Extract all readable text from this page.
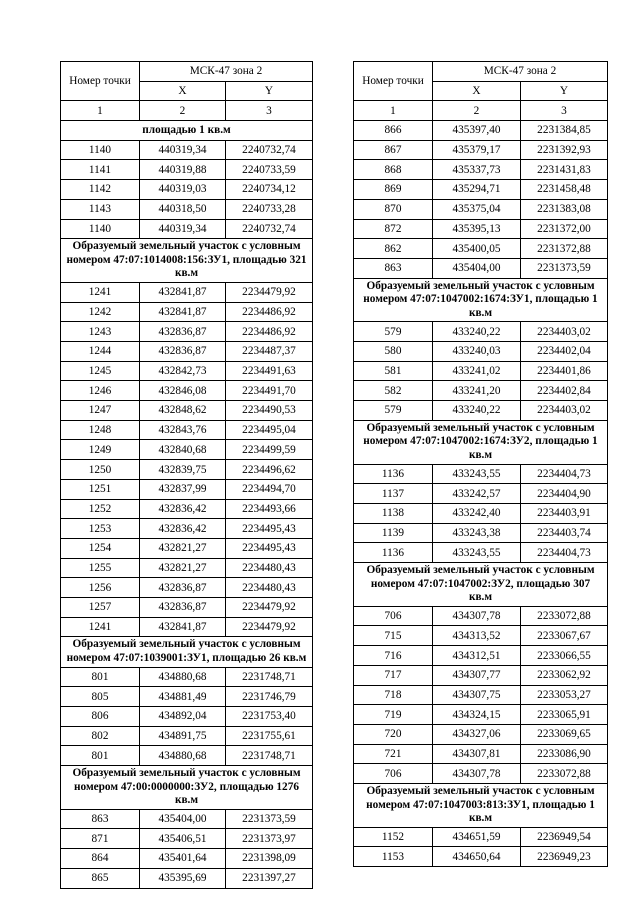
Номер точки	МСК-47 зона 2	
	X	Y
1	2	3
площадью 1 кв.м		
1140	440319,34	2240732,74
1141	440319,88	2240733,59
1142	440319,03	2240734,12
1143	440318,50	2240733,28
1140	440319,34	2240732,74
Образуемый земельный участок с условным номером 47:07:1014008:156:ЗУ1, площадью 321 кв.м		
1241	432841,87	2234479,92
1242	432841,87	2234486,92
1243	432836,87	2234486,92
1244	432836,87	2234487,37
1245	432842,73	2234491,63
1246	432846,08	2234491,70
1247	432848,62	2234490,53
1248	432843,76	2234495,04
1249	432840,68	2234499,59
1250	432839,75	2234496,62
1251	432837,99	2234494,70
1252	432836,42	2234493,66
1253	432836,42	2234495,43
1254	432821,27	2234495,43
1255	432821,27	2234480,43
1256	432836,87	2234480,43
1257	432836,87	2234479,92
1241	432841,87	2234479,92
Образуемый земельный участок с условным номером 47:07:1039001:ЗУ1, площадью 26 кв.м		
801	434880,68	2231748,71
805	434881,49	2231746,79
806	434892,04	2231753,40
802	434891,75	2231755,61
801	434880,68	2231748,71
Образуемый земельный участок с условным номером 47:00:0000000:ЗУ2, площадью 1276 кв.м		
863	435404,00	2231373,59
871	435406,51	2231373,97
864	435401,64	2231398,09
865	435395,69	2231397,27
Номер точки	МСК-47 зона 2	
	X	Y
1	2	3
866	435397,40	2231384,85
867	435379,17	2231392,93
868	435337,73	2231431,83
869	435294,71	2231458,48
870	435375,04	2231383,08
872	435395,13	2231372,00
862	435400,05	2231372,88
863	435404,00	2231373,59
Образуемый земельный участок с условным номером 47:07:1047002:1674:ЗУ1, площадью 1 кв.м		
579	433240,22	2234403,02
580	433240,03	2234402,04
581	433241,02	2234401,86
582	433241,20	2234402,84
579	433240,22	2234403,02
Образуемый земельный участок с условным номером 47:07:1047002:1674:ЗУ2, площадью 1 кв.м		
1136	433243,55	2234404,73
1137	433242,57	2234404,90
1138	433242,40	2234403,91
1139	433243,38	2234403,74
1136	433243,55	2234404,73
Образуемый земельный участок с условным номером 47:07:1047002:ЗУ2, площадью 307 кв.м		
706	434307,78	2233072,88
715	434313,52	2233067,67
716	434312,51	2233066,55
717	434307,77	2233062,92
718	434307,75	2233053,27
719	434324,15	2233065,91
720	434327,06	2233069,65
721	434307,81	2233086,90
706	434307,78	2233072,88
Образуемый земельный участок с условным номером 47:07:1047003:813:ЗУ1, площадью 1 кв.м		
1152	434651,59	2236949,54
1153	434650,64	2236949,23
